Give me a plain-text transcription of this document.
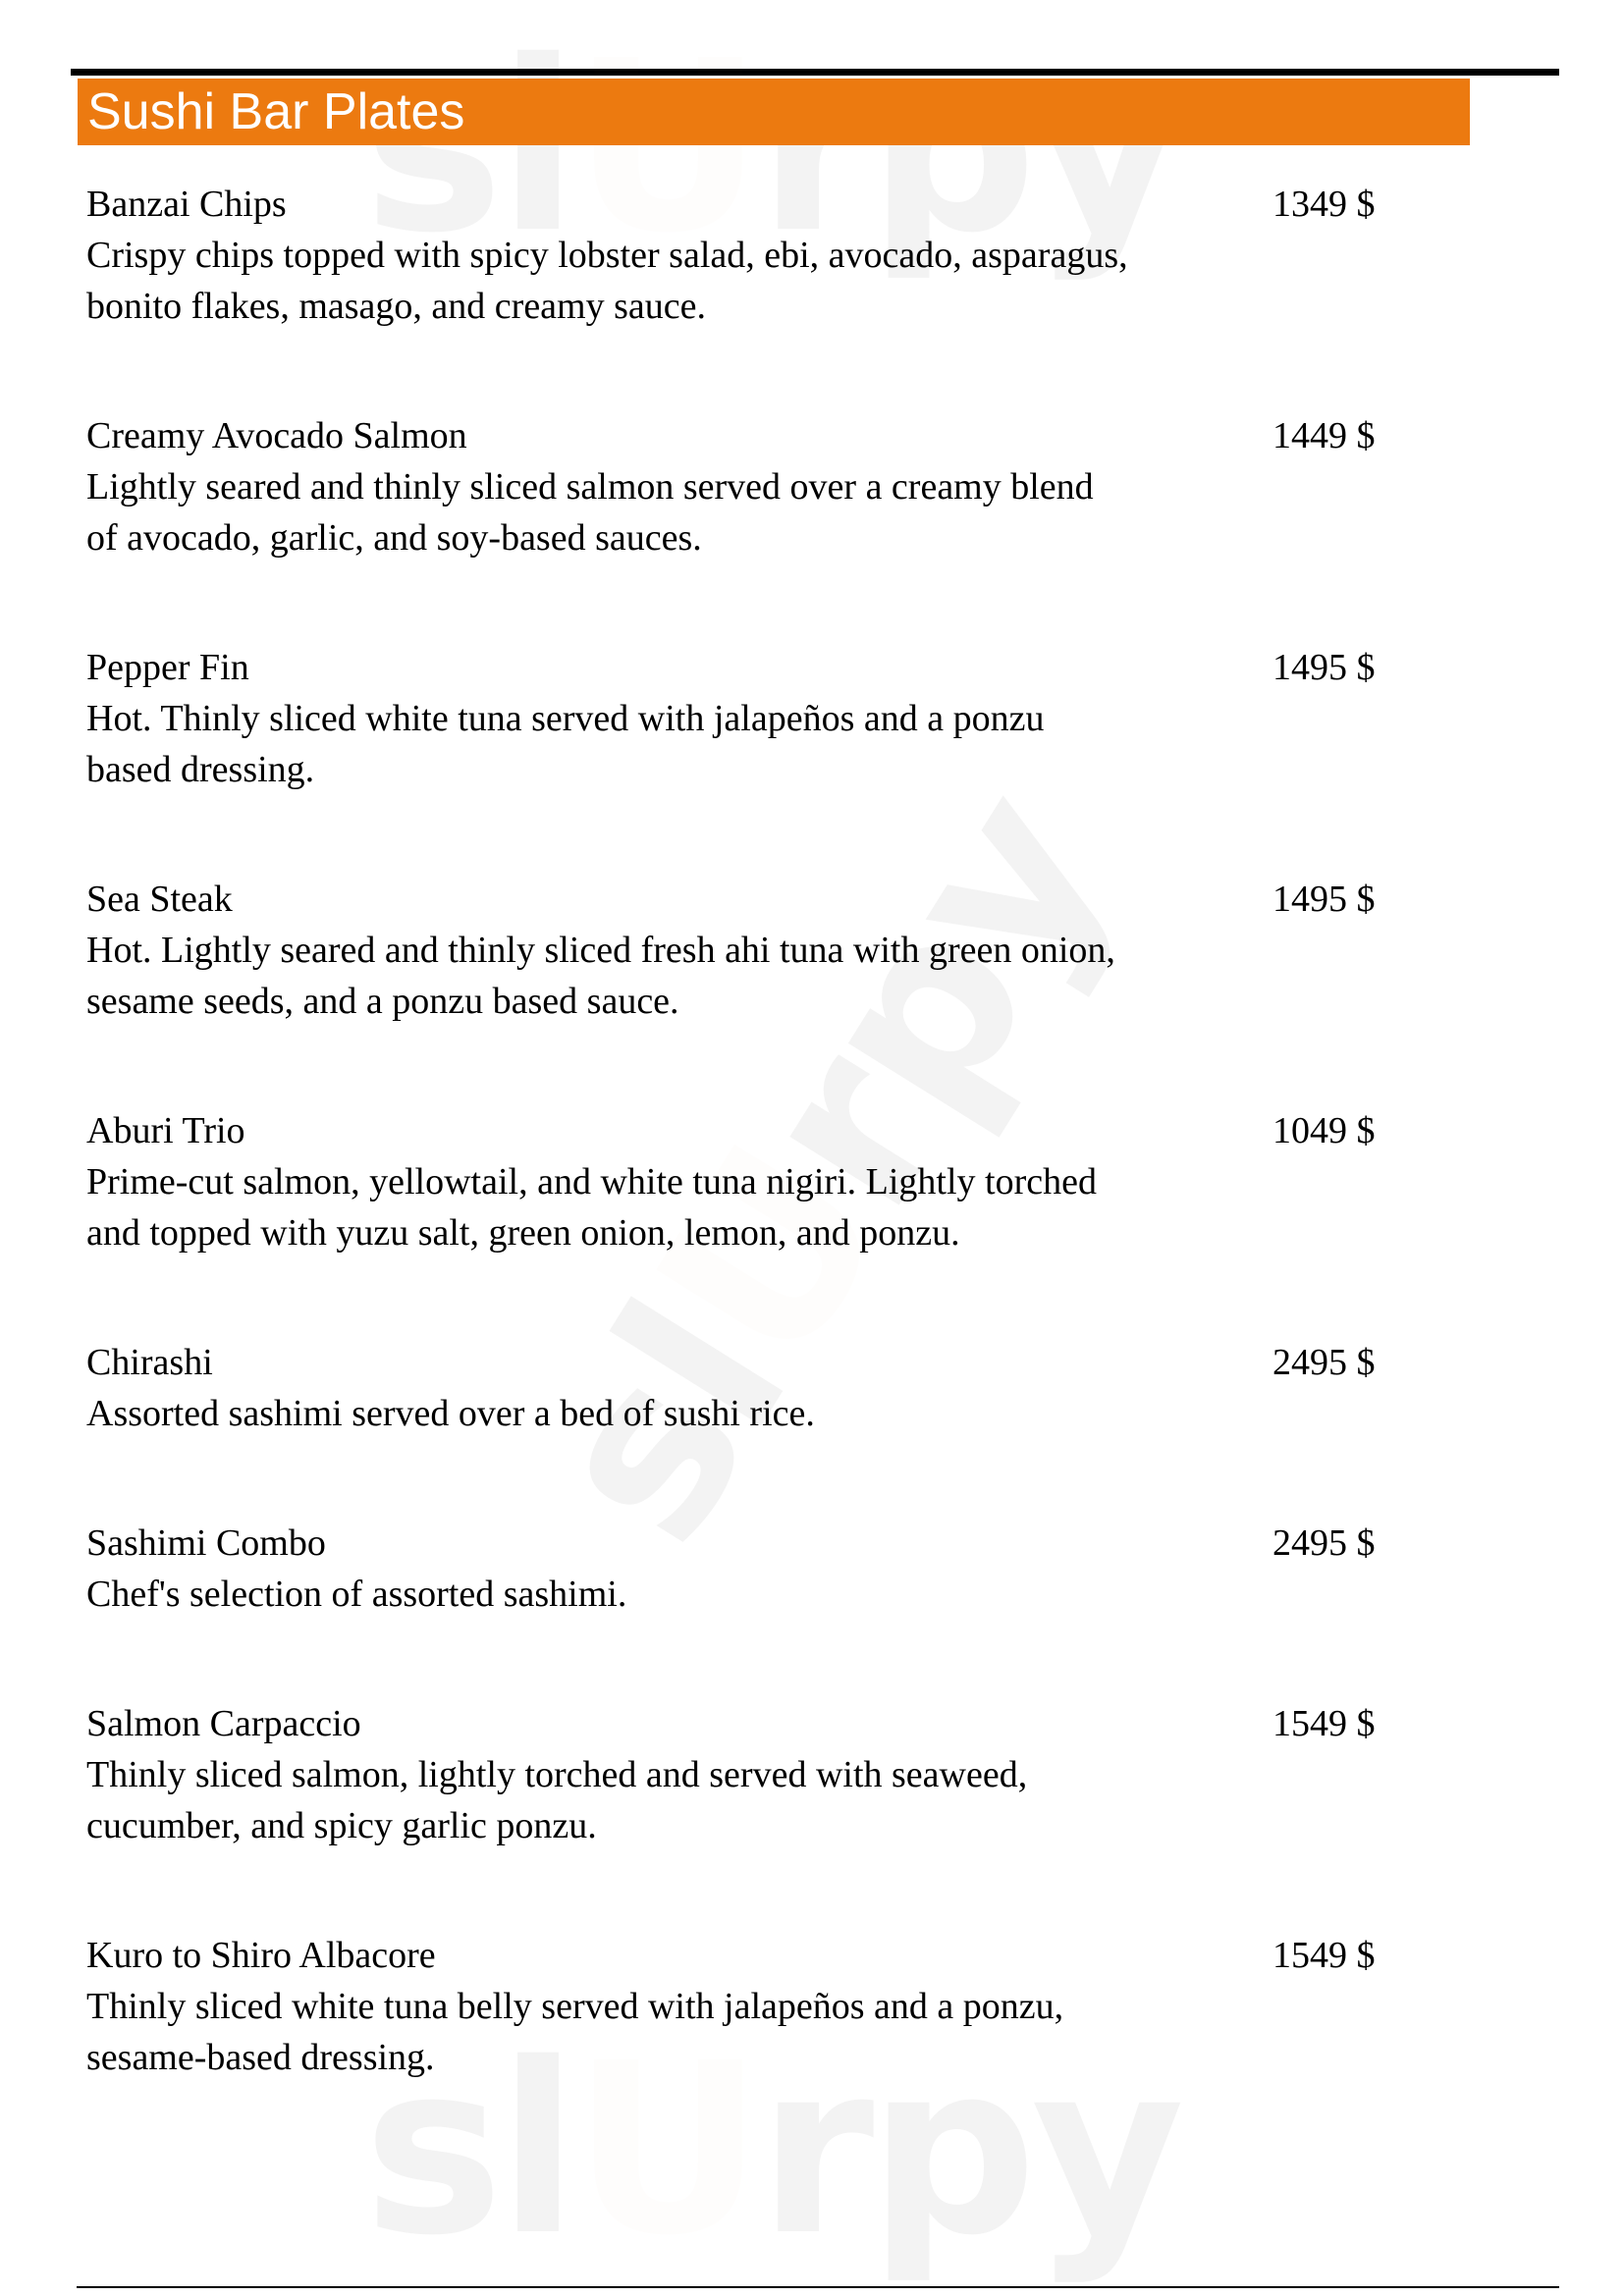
Sushi Bar Plates
Banzai Chips
Crispy chips topped with spicy lobster salad, ebi, avocado, asparagus,
bonito flakes, masago, and creamy sauce.
1349 $
Creamy Avocado Salmon
Lightly seared and thinly sliced salmon served over a creamy blend
of avocado, garlic, and soy-based sauces.
1449 $
Pepper Fin
Hot. Thinly sliced white tuna served with jalapeños and a ponzu
based dressing.
1495 $
Sea Steak
Hot. Lightly seared and thinly sliced fresh ahi tuna with green onion,
sesame seeds, and a ponzu based sauce.
1495 $
Aburi Trio
Prime-cut salmon, yellowtail, and white tuna nigiri. Lightly torched
and topped with yuzu salt, green onion, lemon, and ponzu.
1049 $
Chirashi
Assorted sashimi served over a bed of sushi rice.
2495 $
Sashimi Combo
Chef's selection of assorted sashimi.
2495 $
Salmon Carpaccio
Thinly sliced salmon, lightly torched and served with seaweed,
cucumber, and spicy garlic ponzu.
1549 $
Kuro to Shiro Albacore
Thinly sliced white tuna belly served with jalapeños and a ponzu,
sesame-based dressing.
1549 $
